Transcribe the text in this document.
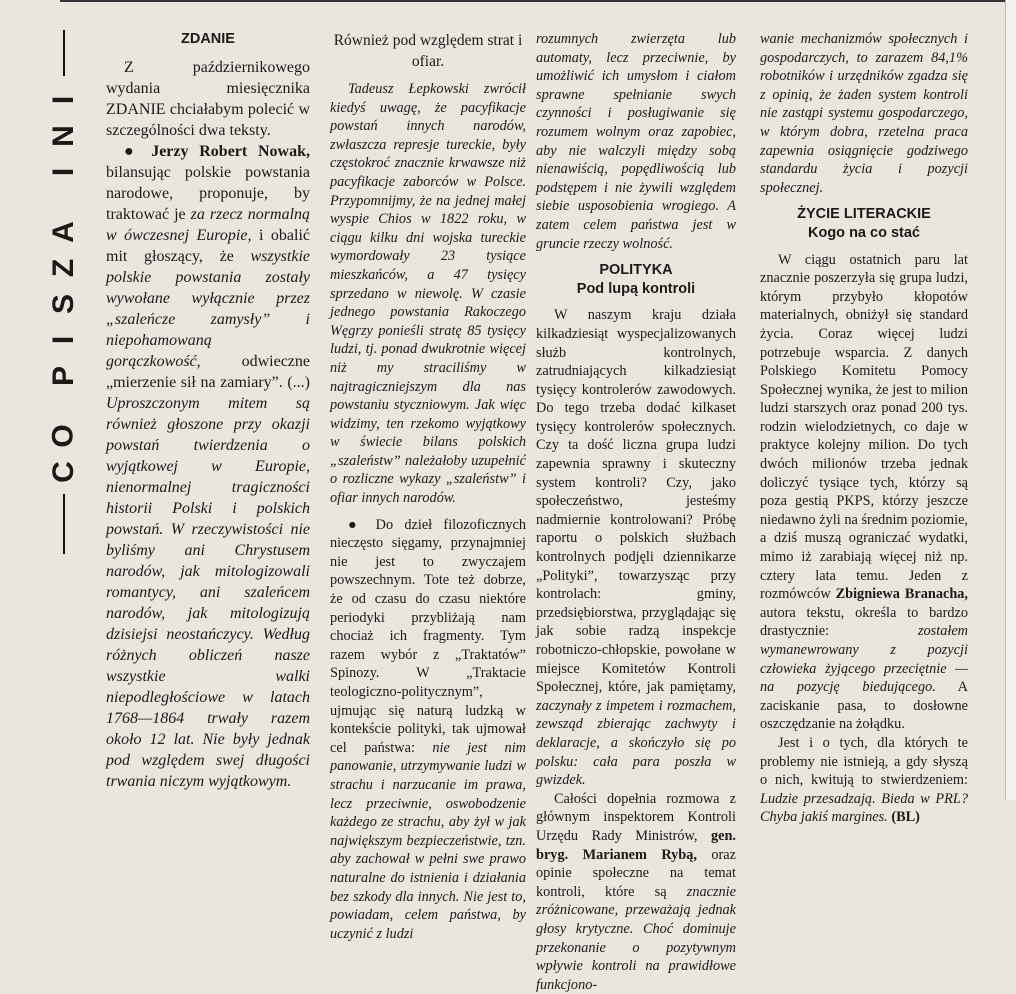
I
N
I
A
Z
S
I
P
O
C

ZDANIE

Z październikowego wydania miesięcznika ZDANIE chciałabym polecić w szczególności dwa teksty.

● Jerzy Robert Nowak, bilansując polskie powstania narodowe, proponuje, by traktować je za rzecz normalną w ówczesnej Europie, i obalić mit głoszący, że wszystkie polskie powstania zostały wywołane wyłącznie przez „szaleńcze zamysły” i niepohamowaną gorączkowość,	odwieczne „mierzenie sił na zamiary”. (...) Uproszczonym mitem są również głoszone przy okazji powstań twierdzenia o wyjątkowej w Europie, nienormalnej tragiczności historii Polski i polskich powstań. W rzeczywistości nie byliśmy ani Chrystusem narodów, jak mitologizowali romantycy, ani szaleńcem narodów, jak mitologizują dzisiejsi neostańczycy. Według różnych obliczeń nasze wszystkie walki niepodległościowe w latach 1768—1864 trwały razem około 12 lat. Nie były jednak pod względem swej długości trwania niczym wyjątkowym.

Również pod względem strat i ofiar.

Tadeusz Łepkowski zwrócił kiedyś uwagę, że pacyfikacje powstań innych narodów, zwłaszcza represje tureckie, były częstokroć znacznie krwawsze niż pacyfikacje zaborców w Polsce. Przypomnijmy, że na jednej małej wyspie Chios w 1822 roku, w ciągu kilku dni wojska tureckie wymordowały 23 tysiące mieszkańców, a 47 tysięcy sprzedano w niewolę. W czasie jednego powstania Rakoczego Węgrzy ponieśli stratę 85 tysięcy ludzi, tj. ponad dwukrotnie więcej niż my straciliśmy w najtragiczniejszym dla nas powstaniu styczniowym. Jak więc widzimy, ten rzekomo wyjątkowy w świecie bilans polskich „szaleństw” należałoby uzupełnić o rozliczne wykazy „szaleństw” i ofiar innych narodów.

● Do dzieł filozoficznych nieczęsto sięgamy, przynajmniej nie jest to zwyczajem powszechnym. Tote też dobrze, że od czasu do czasu niektóre periodyki przybliżają nam chociaż ich fragmenty. Tym razem wybór z „Traktatów” Spinozy. W „Traktacie teologiczno-politycznym”, ujmując się naturą ludzką w kontekście polityki, tak ujmował cel państwa: nie jest nim panowanie, utrzymywanie ludzi w strachu i narzucanie im prawa, lecz przeciwnie, oswobodzenie każdego ze strachu, aby żył w jak największym bezpieczeństwie, tzn. aby zachował w pełni swe prawo naturalne do istnienia i działania bez szkody dla innych. Nie jest to, powiadam, celem państwa, by uczynić z ludzi

rozumnych zwierzęta lub automaty, lecz przeciwnie, by umożliwić ich umysłom i ciałom sprawne spełnianie swych czynności i posługiwanie się rozumem wolnym oraz zapobiec, aby nie walczyli między sobą nienawiścią, popędliwością lub podstępem i nie żywili względem siebie usposobienia wrogiego. A zatem celem państwa jest w gruncie rzeczy wolność.

POLITYKA

Pod lupą kontroli

W naszym kraju działa kilkadziesiąt wyspecjalizowanych służb kontrolnych, zatrudniających kilkadziesiąt tysięcy kontrolerów zawodowych. Do tego trzeba dodać kilkaset tysięcy kontrolerów społecznych. Czy ta dość liczna grupa ludzi zapewnia sprawny i skuteczny system kontroli? Czy, jako społeczeństwo, jesteśmy nadmiernie kontrolowani? Próbę raportu o polskich służbach kontrolnych podjęli dziennikarze „Polityki”, towarzysząc przy kontrolach: gminy, przedsiębiorstwa, przyglądając się jak sobie radzą inspekcje robotniczo-chłopskie, powołane w miejsce Komitetów Kontroli Społecznej, które, jak pamiętamy, zaczynały z impetem i rozmachem, zewsząd zbierając zachwyty i deklaracje, a skończyło się po polsku: cała para poszła w gwizdek.

Całości dopełnia rozmowa z głównym inspektorem Kontroli Urzędu Rady Ministrów, gen. bryg. Marianem Rybą, oraz opinie społeczne na temat kontroli, które są znacznie zróżnicowane, przeważają jednak głosy krytyczne. Choć dominuje przekonanie o pozytywnym wpływie kontroli na prawidłowe funkcjono-

wanie mechanizmów społecznych i gospodarczych, to zarazem 84,1% robotników i urzędników zgadza się z opinią, że żaden system kontroli nie zastąpi systemu gospodarczego, w którym dobra, rzetelna praca zapewnia osiągnięcie godziwego standardu życia i pozycji społecznej.

ŻYCIE LITERACKIE

Kogo na co stać

W ciągu ostatnich paru lat znacznie poszerzyła się grupa ludzi, którym przybyło kłopotów materialnych, obniżył się standard życia. Coraz więcej ludzi potrzebuje wsparcia. Z danych Polskiego Komitetu Pomocy Społecznej wynika, że jest to milion ludzi starszych oraz ponad 200 tys. rodzin wielodzietnych, co daje w praktyce kolejny milion. Do tych dwóch milionów trzeba jednak doliczyć tysiące tych, którzy są poza gestią PKPS, którzy jeszcze niedawno żyli na średnim poziomie, a dziś muszą ograniczać wydatki, mimo iż zarabiają więcej niż np. cztery lata temu. Jeden z rozmówców Zbigniewa Branacha, autora tekstu, określa to bardzo drastycznie:	zostałem wymanewrowany z pozycji człowieka żyjącego przeciętnie — na pozycję biedującego. A zaciskanie pasa, to dosłowne oszczędzanie na żołądku.

Jest i o tych, dla których te problemy nie istnieją, a gdy słyszą o nich, kwitują to stwierdzeniem: Ludzie przesadzają. Bieda w PRL? Chyba jakiś margines. (BL)
